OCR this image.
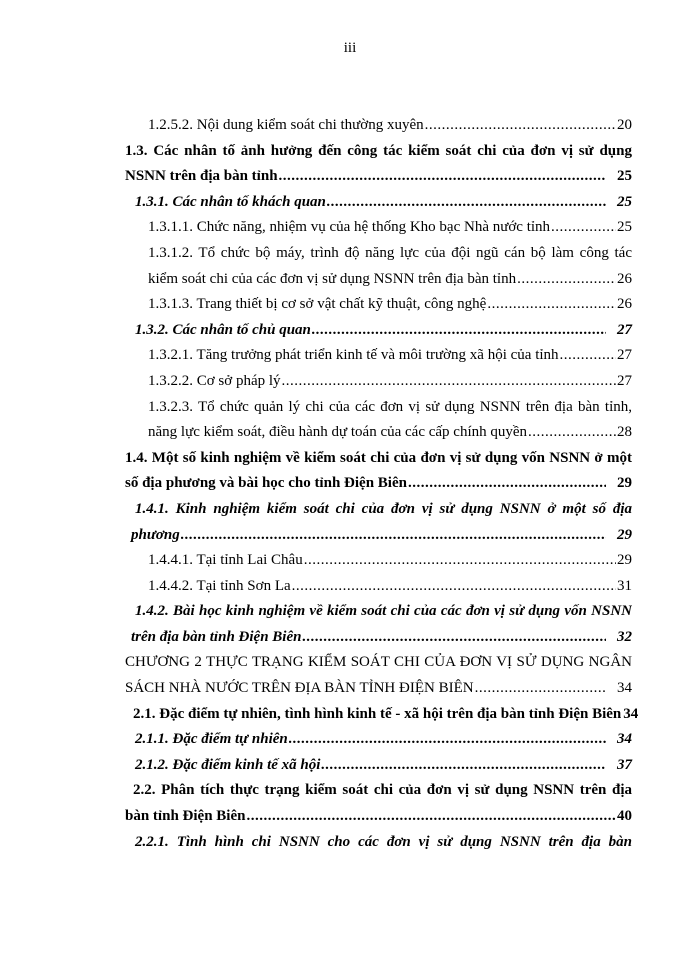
iii
1.2.5.2. Nội dung kiểm soát chi thường xuyên .....	20
1.3. Các nhân tố ảnh hưởng đến công tác kiểm soát chi của đơn vị sử dụng
NSNN trên địa bàn tỉnh .....	25
1.3.1. Các nhân tố khách quan .....	25
1.3.1.1. Chức năng, nhiệm vụ của hệ thống Kho bạc Nhà nước tỉnh .....	25
1.3.1.2. Tổ chức bộ máy, trình độ năng lực của đội ngũ cán bộ làm công tác
kiểm soát chi của các đơn vị sử dụng NSNN trên địa bàn tỉnh .....	26
1.3.1.3. Trang thiết bị cơ sở vật chất kỹ thuật, công nghệ .....	26
1.3.2. Các nhân tố chủ quan .....	27
1.3.2.1. Tăng trưởng phát triển kinh tế và môi trường xã hội của tỉnh .....	27
1.3.2.2. Cơ sở pháp lý .....	27
1.3.2.3. Tổ chức quản lý chi của các đơn vị sử dụng NSNN trên địa bàn tỉnh,
năng lực kiểm soát, điều hành dự toán của các cấp chính quyền .....	28
1.4. Một số kinh nghiệm về kiểm soát chi của đơn vị sử dụng vốn NSNN ở một
số địa phương và bài học cho tỉnh Điện Biên .....	29
1.4.1. Kinh nghiệm kiểm soát chi của đơn vị sử dụng NSNN ở một số địa
phương .....	29
1.4.4.1. Tại tỉnh Lai Châu .....	29
1.4.4.2. Tại tỉnh Sơn La .....	31
1.4.2. Bài học kinh nghiệm về kiểm soát chi của các đơn vị sử dụng vốn NSNN
trên địa bàn tỉnh Điện Biên .....	32
CHƯƠNG 2 THỰC TRẠNG KIỂM SOÁT CHI CỦA ĐƠN VỊ SỬ DỤNG NGÂN
SÁCH NHÀ NƯỚC TRÊN ĐỊA BÀN TỈNH ĐIỆN BIÊN .....	34
2.1. Đặc điểm tự nhiên, tình hình kinh tế - xã hội trên địa bàn tỉnh Điện Biên 34
2.1.1. Đặc điểm tự nhiên .....	34
2.1.2. Đặc điểm kinh tế xã hội .....	37
2.2. Phân tích thực trạng kiểm soát chi của đơn vị sử dụng NSNN trên địa
bàn tỉnh Điện Biên .....	40
2.2.1. Tình hình chi NSNN cho các đơn vị sử dụng NSNN trên địa bàn
